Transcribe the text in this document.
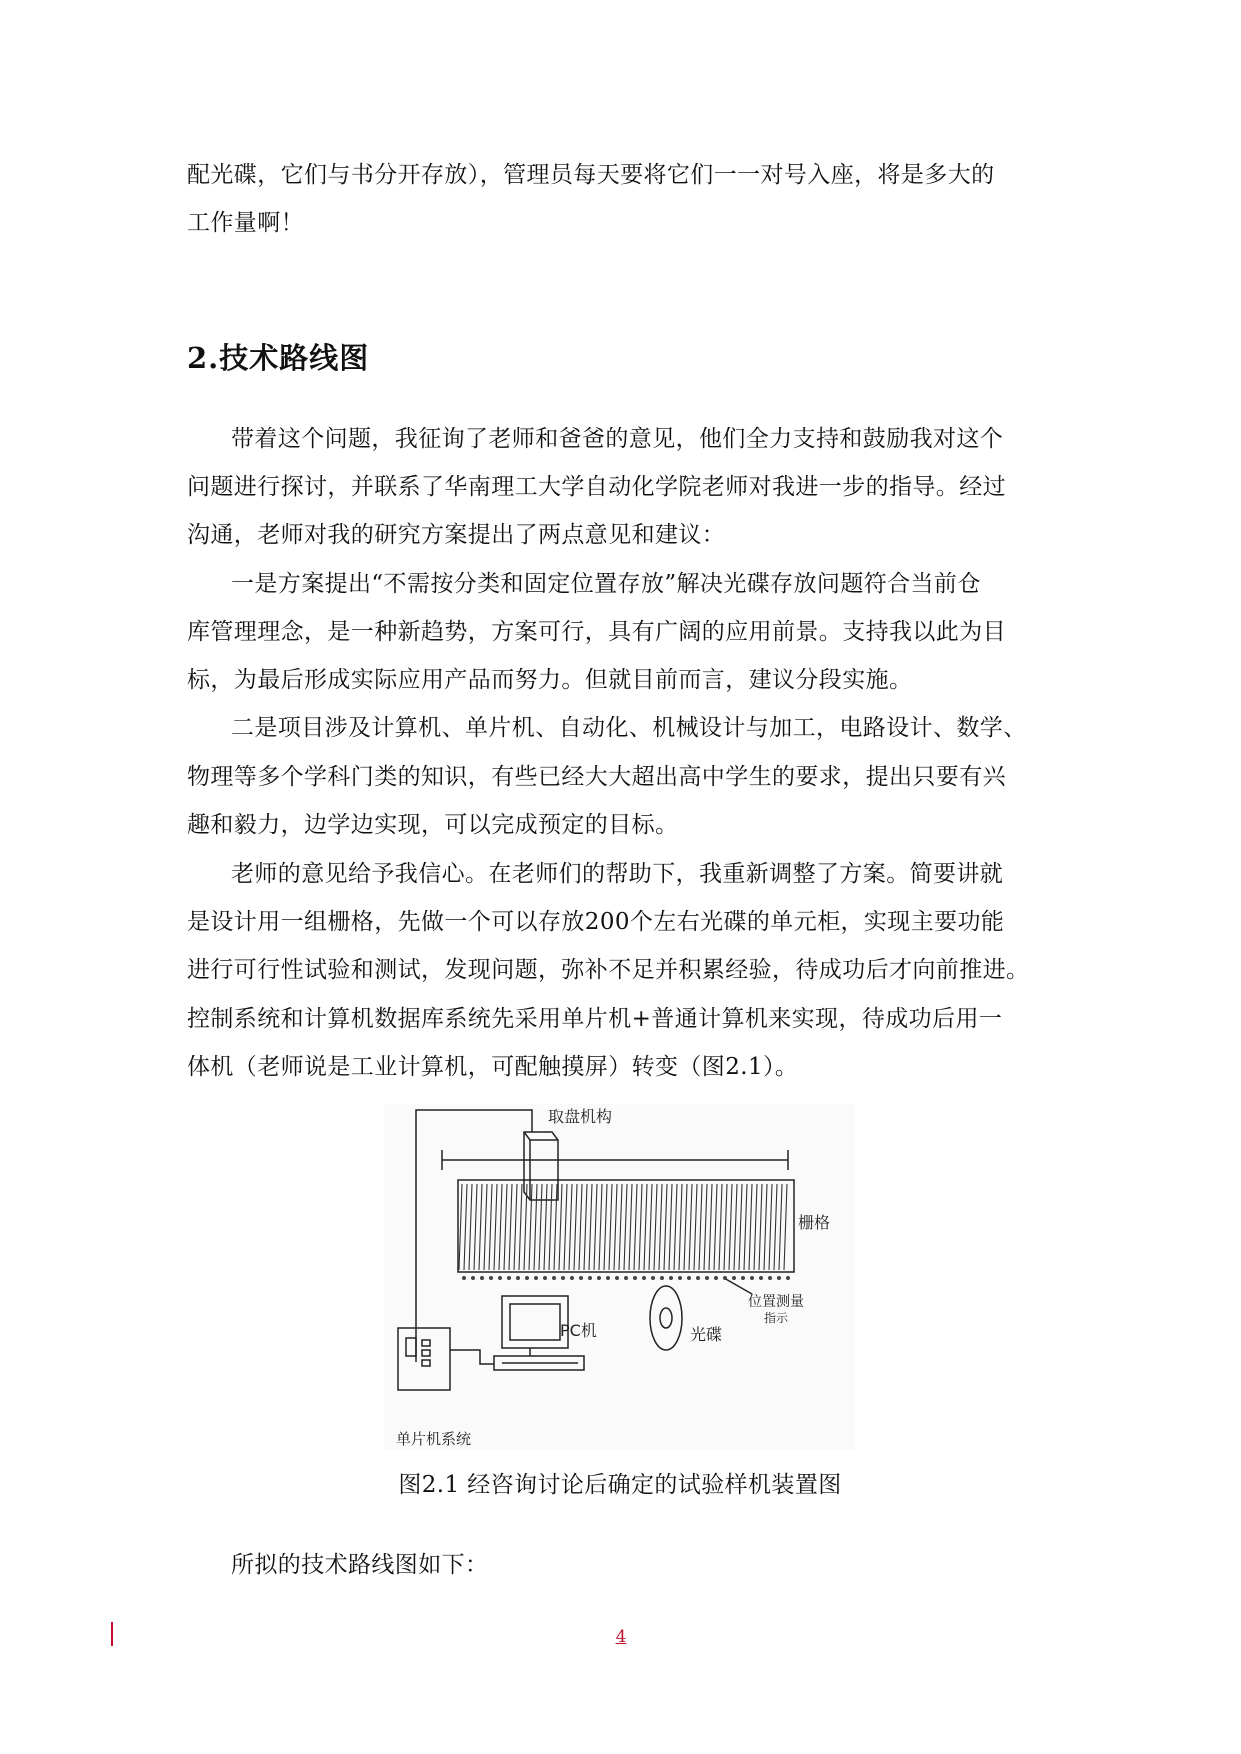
配光碟，它们与书分开存放），管理员每天要将它们一一对号入座，将是多大的
工作量啊！
2.技术路线图
带着这个问题，我征询了老师和爸爸的意见，他们全力支持和鼓励我对这个
问题进行探讨，并联系了华南理工大学自动化学院老师对我进一步的指导。经过
沟通，老师对我的研究方案提出了两点意见和建议：
一是方案提出“不需按分类和固定位置存放”解决光碟存放问题符合当前仓
库管理理念，是一种新趋势，方案可行，具有广阔的应用前景。支持我以此为目
标，为最后形成实际应用产品而努力。但就目前而言，建议分段实施。
二是项目涉及计算机、单片机、自动化、机械设计与加工，电路设计、数学、
物理等多个学科门类的知识，有些已经大大超出高中学生的要求，提出只要有兴
趣和毅力，边学边实现，可以完成预定的目标。
老师的意见给予我信心。在老师们的帮助下，我重新调整了方案。简要讲就
是设计用一组栅格，先做一个可以存放200个左右光碟的单元柜，实现主要功能
进行可行性试验和测试，发现问题，弥补不足并积累经验，待成功后才向前推进。
控制系统和计算机数据库系统先采用单片机+普通计算机来实现，待成功后用一
体机（老师说是工业计算机，可配触摸屏）转变（图2.1）。
取盘机构
栅格
位置测量
指示
PC机	光碟
单片机系统
图2.1 经咨询讨论后确定的试验样机装置图
所拟的技术路线图如下：
4
